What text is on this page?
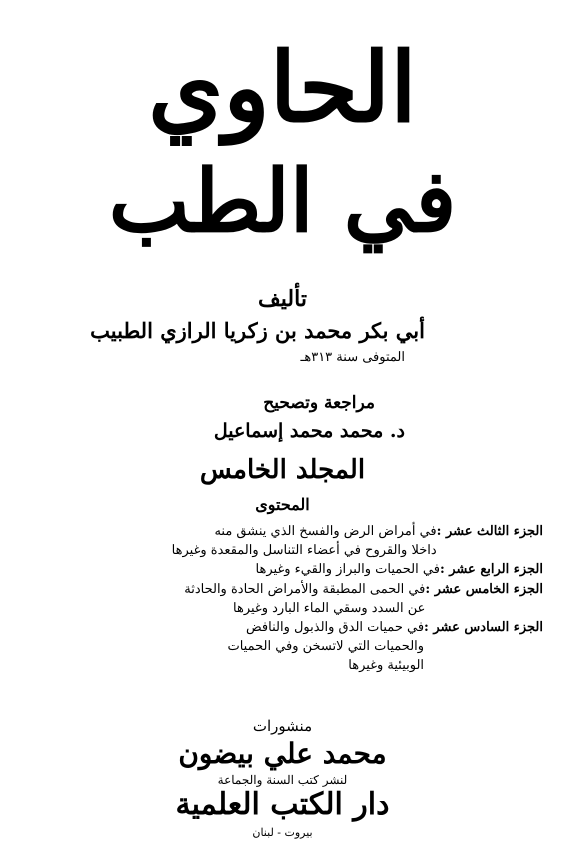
الحاوي
في الطب
تأليف
أبي بكر محمد بن زكريا الرازي الطبيب
المتوفى سنة ٣١٣هـ
مراجعة وتصحيح
د. محمد محمد إسماعيل
المجلد الخامس
المحتوى
الجزء الثالث عشر :
في أمراض الرض والفسخ الذي ينشق منه
داخلا والقروح في أعضاء التناسل والمقعدة وغيرها
الجزء الرابع عشر :
في الحميات والبراز والقيء وغيرها
الجزء الخامس عشر :
في الحمى المطبقة والأمراض الحادة والحادثة
عن السدد وسقي الماء البارد وغيرها
الجزء السادس عشر :
في حميات الدق والذبول والنافض
والحميات التي لاتسخن وفي الحميات
الوبيئية وغيرها
منشورات
محمد علي بيضون
لنشر كتب السنة والجماعة
دار الكتب العلمية
بيروت - لبنان
